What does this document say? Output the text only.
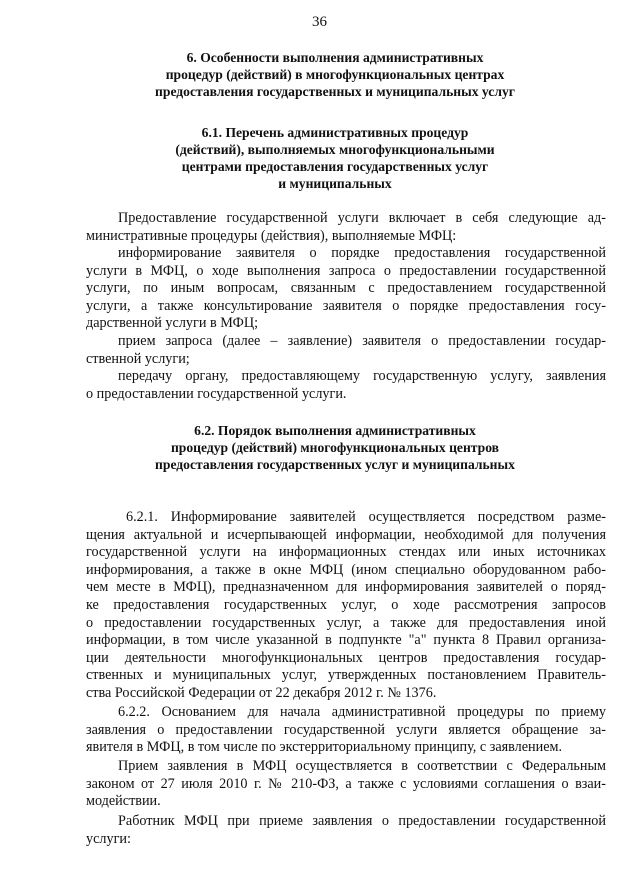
36
6. Особенности выполнения административных
процедур (действий) в многофункциональных центрах
предоставления государственных и муниципальных услуг
6.1. Перечень административных процедур
(действий), выполняемых многофункциональными
центрами предоставления государственных услуг
и муниципальных
Предоставление государственной услуги включает в себя следующие ад-
министративные процедуры (действия), выполняемые МФЦ:
информирование заявителя о порядке предоставления государственной
услуги в МФЦ, о ходе выполнения запроса о предоставлении государственной
услуги, по иным вопросам, связанным с предоставлением государственной
услуги, а также консультирование заявителя о порядке предоставления госу-
дарственной услуги в МФЦ;
прием запроса (далее – заявление) заявителя о предоставлении государ-
ственной услуги;
передачу органу, предоставляющему государственную услугу, заявления
о предоставлении государственной услуги.
6.2. Порядок выполнения административных
процедур (действий) многофункциональных центров
предоставления государственных услуг и муниципальных
6.2.1. Информирование заявителей осуществляется посредством разме-
щения актуальной и исчерпывающей информации, необходимой для получения
государственной услуги на информационных стендах или иных источниках
информирования, а также в окне МФЦ (ином специально оборудованном рабо-
чем месте в МФЦ), предназначенном для информирования заявителей о поряд-
ке предоставления государственных услуг, о ходе рассмотрения запросов
о предоставлении государственных услуг, а также для предоставления иной
информации, в том числе указанной в подпункте "а" пункта 8 Правил организа-
ции деятельности многофункциональных центров предоставления государ-
ственных и муниципальных услуг, утвержденных постановлением Правитель-
ства Российской Федерации от 22 декабря 2012 г. № 1376.
6.2.2. Основанием для начала административной процедуры по приему
заявления о предоставлении государственной услуги является обращение за-
явителя в МФЦ, в том числе по экстерриториальному принципу, с заявлением.
Прием заявления в МФЦ осуществляется в соответствии с Федеральным
законом от 27 июля 2010 г. № 210-ФЗ, а также с условиями соглашения о взаи-
модействии.
Работник МФЦ при приеме заявления о предоставлении государственной
услуги:
